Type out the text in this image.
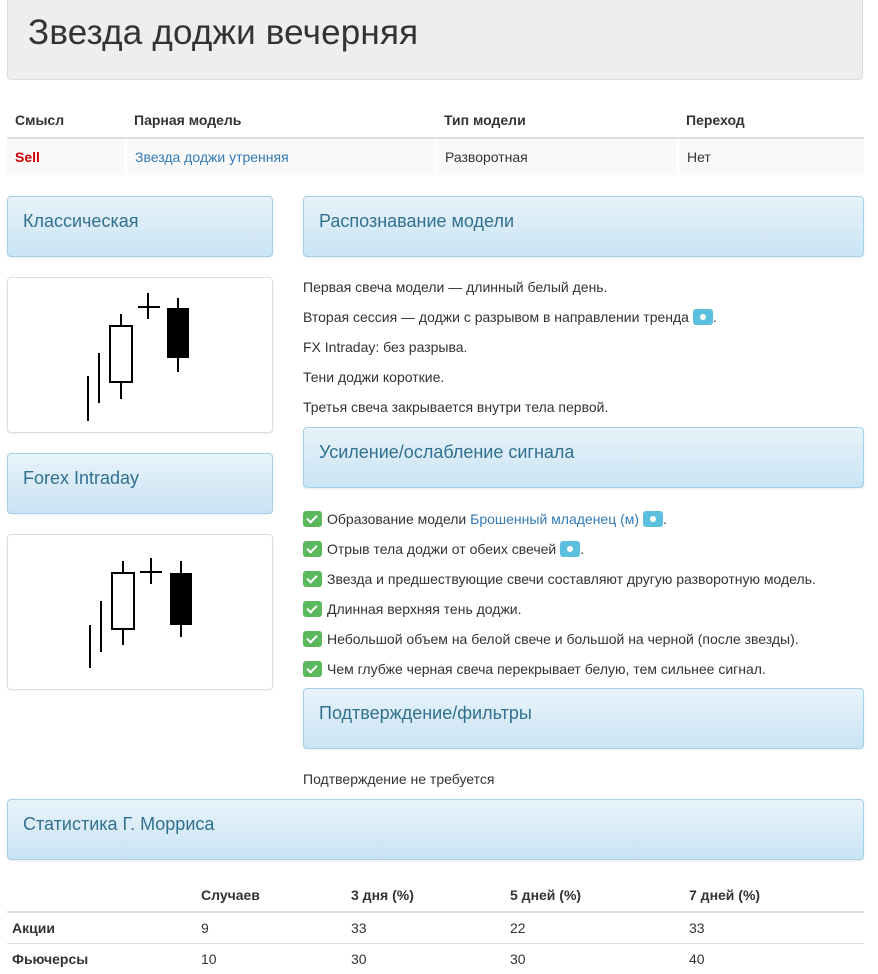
Звезда доджи вечерняя
Смысл	Парная модель	Тип модели	Переход
Sell	Звезда доджи утренняя	Разворотная	Нет
Классическая
Forex Intraday
Распознавание модели
Первая свеча модели — длинный белый день.
Вторая сессия — доджи с разрывом в направлении тренда .
FX Intraday: без разрыва.
Тени доджи короткие.
Третья свеча закрывается внутри тела первой.
Усиление/ослабление сигнала
Образование модели Брошенный младенец (м) .
Отрыв тела доджи от обеих свечей .
Звезда и предшествующие свечи составляют другую разворотную модель.
Длинная верхняя тень доджи.
Небольшой объем на белой свече и большой на черной (после звезды).
Чем глубже черная свеча перекрывает белую, тем сильнее сигнал.
Подтверждение/фильтры
Подтверждение не требуется
Статистика Г. Морриса
	Случаев	3 дня (%)	5 дней (%)	7 дней (%)
Акции	9	33	22	33
Фьючерсы	10	30	30	40
